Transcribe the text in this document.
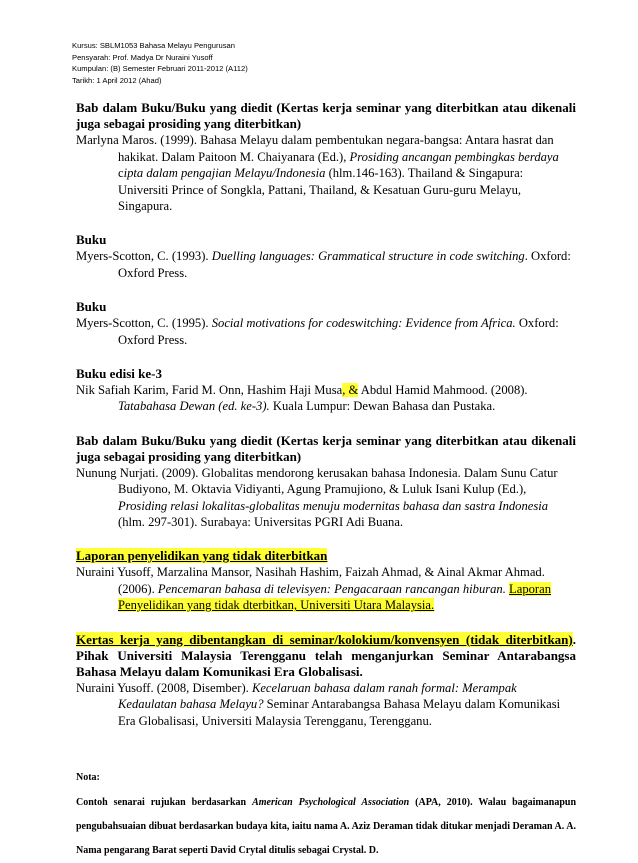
Kursus: SBLM1053 Bahasa Melayu Pengurusan
Pensyarah: Prof. Madya Dr Nuraini Yusoff
Kumpulan: (B) Semester Februari 2011-2012 (A112)
Tarikh: 1 April 2012 (Ahad)
Bab dalam Buku/Buku yang diedit (Kertas kerja seminar yang diterbitkan atau dikenali juga sebagai prosiding yang diterbitkan)
Marlyna Maros. (1999). Bahasa Melayu dalam pembentukan negara-bangsa: Antara hasrat dan hakikat. Dalam Paitoon M. Chaiyanara (Ed.), Prosiding ancangan pembingkas berdaya cipta dalam pengajian Melayu/Indonesia (hlm.146-163). Thailand & Singapura: Universiti Prince of Songkla, Pattani, Thailand, & Kesatuan Guru-guru Melayu, Singapura.
Buku
Myers-Scotton, C. (1993). Duelling languages: Grammatical structure in code switching. Oxford: Oxford Press.
Buku
Myers-Scotton, C. (1995). Social motivations for codeswitching: Evidence from Africa. Oxford: Oxford Press.
Buku edisi ke-3
Nik Safiah Karim, Farid M. Onn, Hashim Haji Musa, & Abdul Hamid Mahmood. (2008). Tatabahasa Dewan (ed. ke-3). Kuala Lumpur: Dewan Bahasa dan Pustaka.
Bab dalam Buku/Buku yang diedit (Kertas kerja seminar yang diterbitkan atau dikenali juga sebagai prosiding yang diterbitkan)
Nunung Nurjati. (2009). Globalitas mendorong kerusakan bahasa Indonesia. Dalam Sunu Catur Budiyono, M. Oktavia Vidiyanti, Agung Pramujiono, & Luluk Isani Kulup (Ed.), Prosiding relasi lokalitas-globalitas menuju modernitas bahasa dan sastra Indonesia (hlm. 297-301). Surabaya: Universitas PGRI Adi Buana.
Laporan penyelidikan yang tidak diterbitkan
Nuraini Yusoff, Marzalina Mansor, Nasihah Hashim, Faizah Ahmad, & Ainal Akmar Ahmad. (2006). Pencemaran bahasa di televisyen: Pengacaraan rancangan hiburan. Laporan Penyelidikan yang tidak dterbitkan, Universiti Utara Malaysia.
Kertas kerja yang dibentangkan di seminar/kolokium/konvensyen (tidak diterbitkan). Pihak Universiti Malaysia Terengganu telah menganjurkan Seminar Antarabangsa Bahasa Melayu dalam Komunikasi Era Globalisasi.
Nuraini Yusoff. (2008, Disember). Kecelaruan bahasa dalam ranah formal: Merampak Kedaulatan bahasa Melayu? Seminar Antarabangsa Bahasa Melayu dalam Komunikasi Era Globalisasi, Universiti Malaysia Terengganu, Terengganu.
Nota:
Contoh senarai rujukan berdasarkan American Psychological Association (APA, 2010). Walau bagaimanapun pengubahsuaian dibuat berdasarkan budaya kita, iaitu nama A. Aziz Deraman tidak ditukar menjadi Deraman A. A. Nama pengarang Barat seperti David Crytal ditulis sebagai Crystal. D.
